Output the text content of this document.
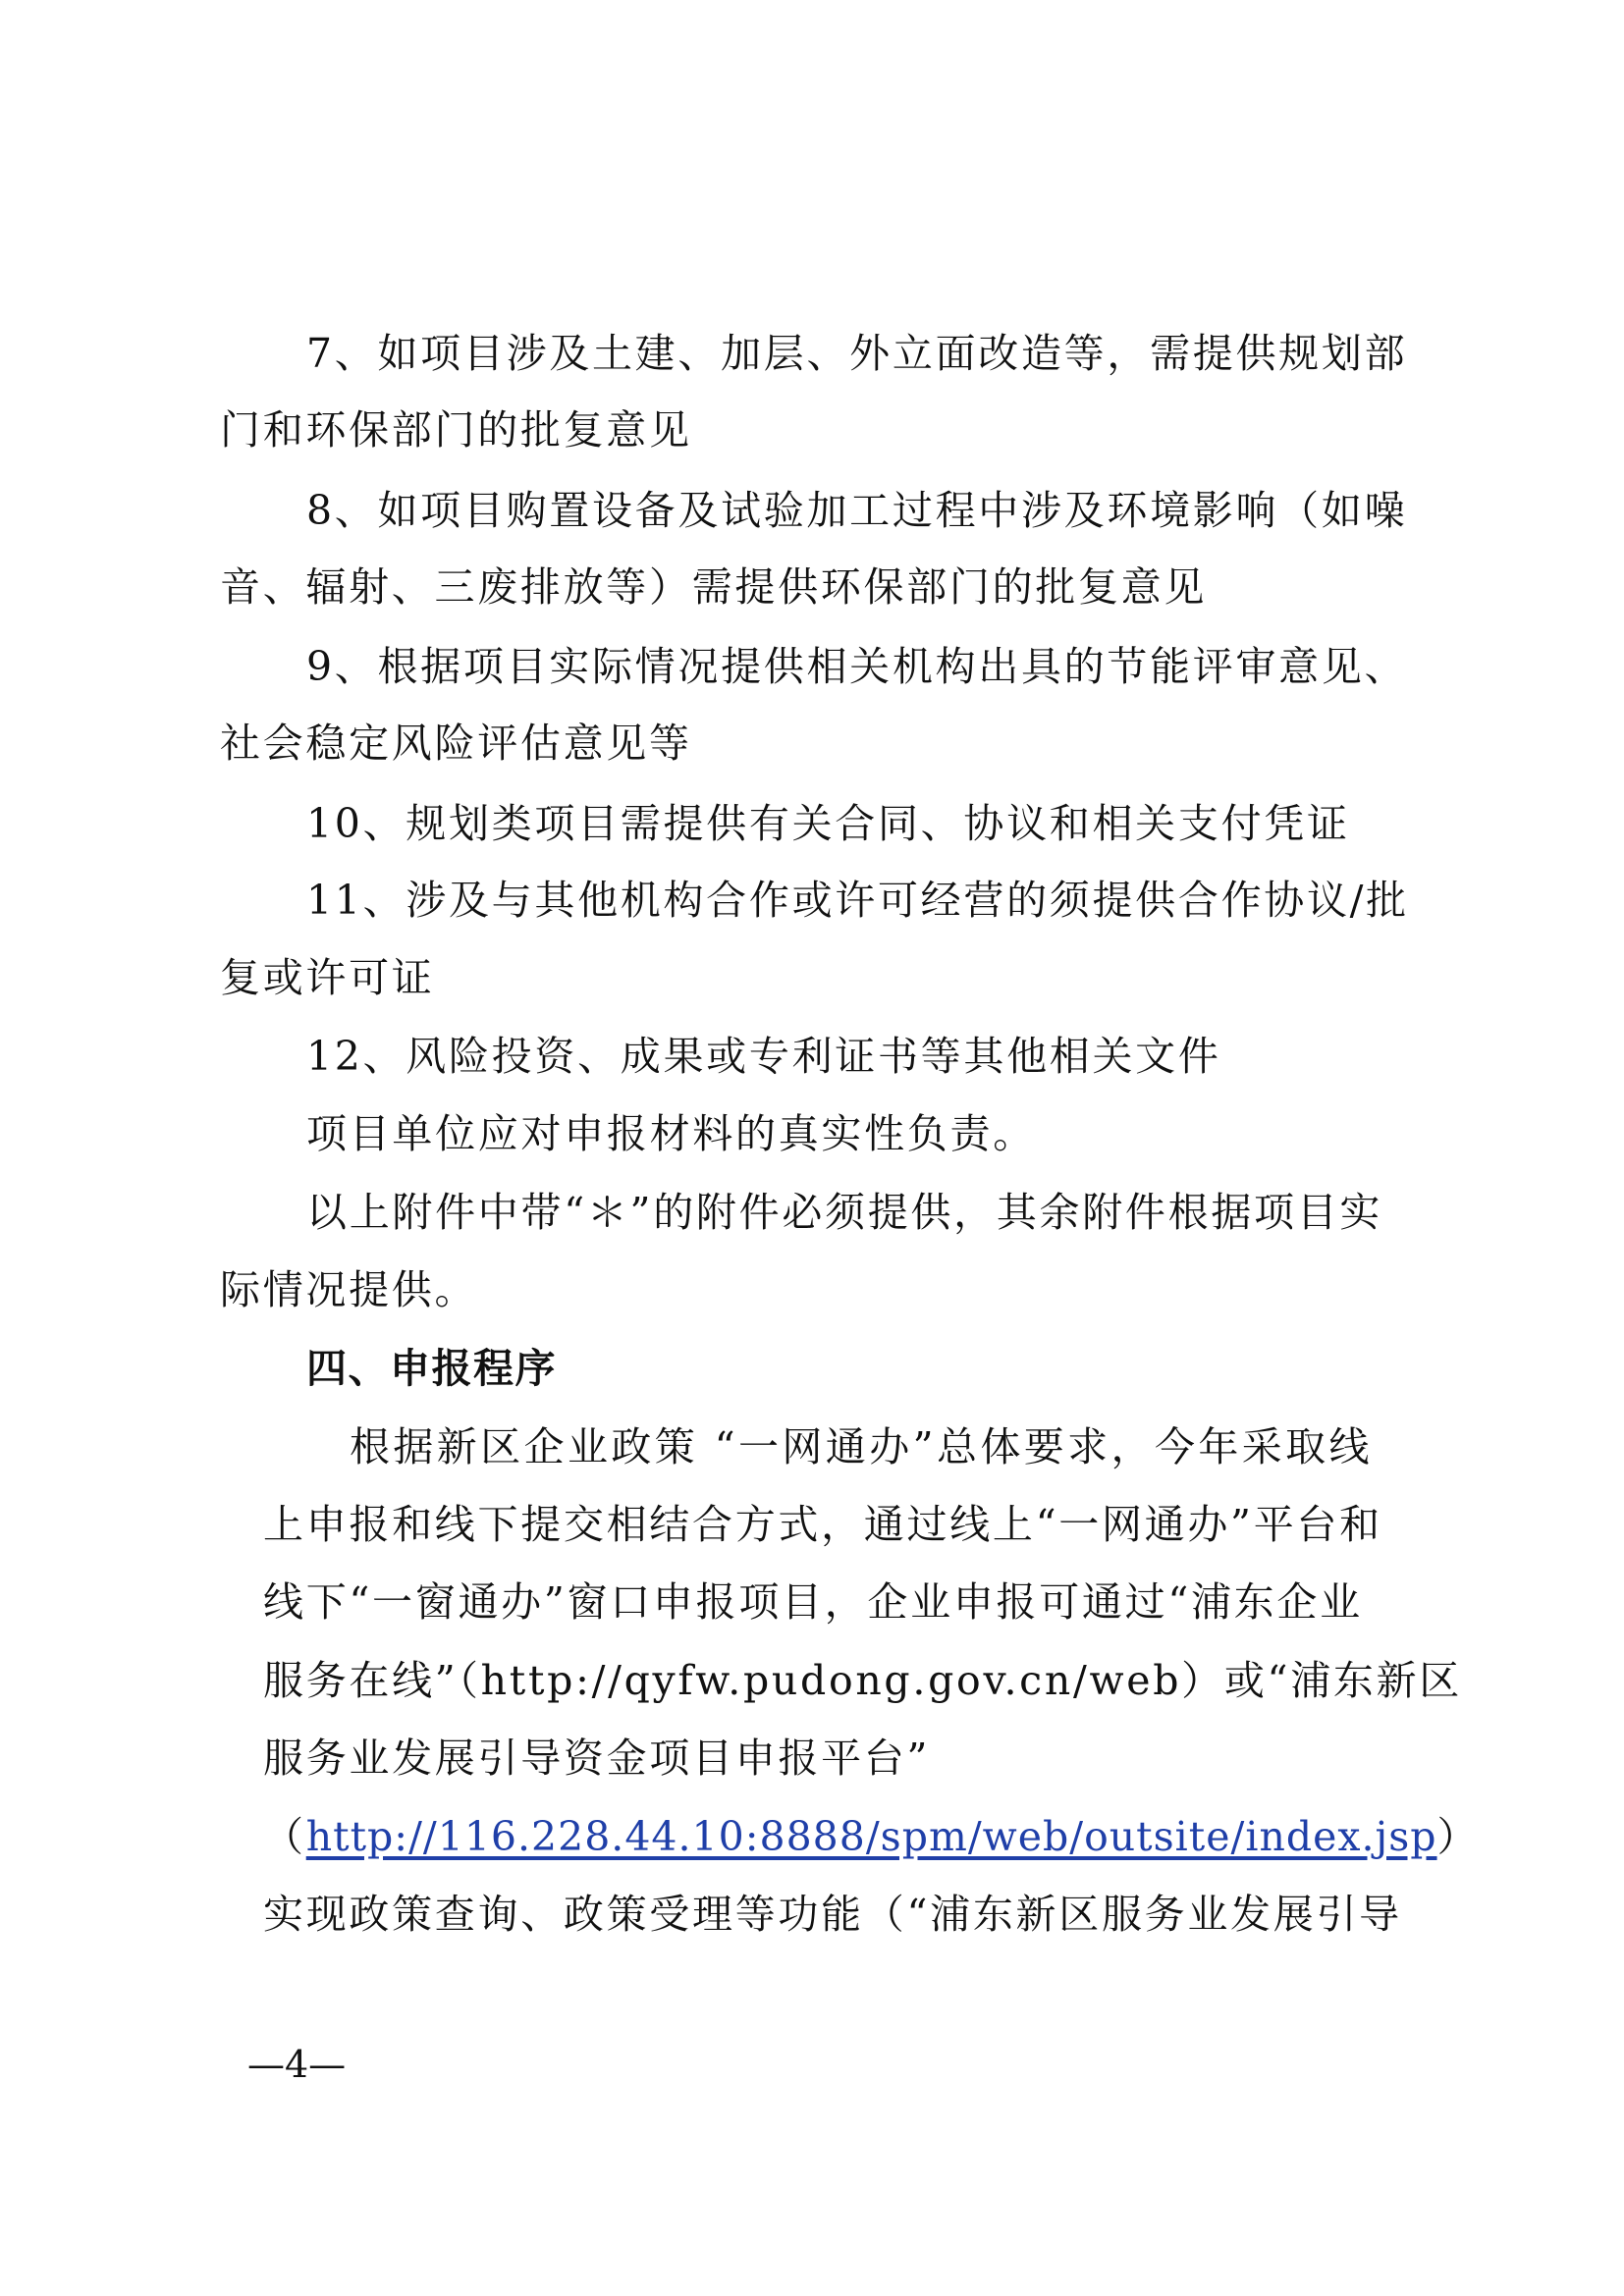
7、如项目涉及土建、加层、外立面改造等，需提供规划部
门和环保部门的批复意见
8、如项目购置设备及试验加工过程中涉及环境影响（如噪
音、辐射、三废排放等）需提供环保部门的批复意见
9、根据项目实际情况提供相关机构出具的节能评审意见、
社会稳定风险评估意见等
10、规划类项目需提供有关合同、协议和相关支付凭证
11、涉及与其他机构合作或许可经营的须提供合作协议/批
复或许可证
12、风险投资、成果或专利证书等其他相关文件
项目单位应对申报材料的真实性负责。
以上附件中带“＊”的附件必须提供，其余附件根据项目实
际情况提供。
四、申报程序
根据新区企业政策 “一网通办”总体要求，今年采取线
上申报和线下提交相结合方式，通过线上“一网通办”平台和
线下“一窗通办”窗口申报项目，企业申报可通过“浦东企业
服务在线”（http://qyfw.pudong.gov.cn/web）或“浦东新区
服务业发展引导资金项目申报平台”
（http://116.228.44.10:8888/spm/web/outsite/index.jsp）
实现政策查询、政策受理等功能（“浦东新区服务业发展引导
—4—
